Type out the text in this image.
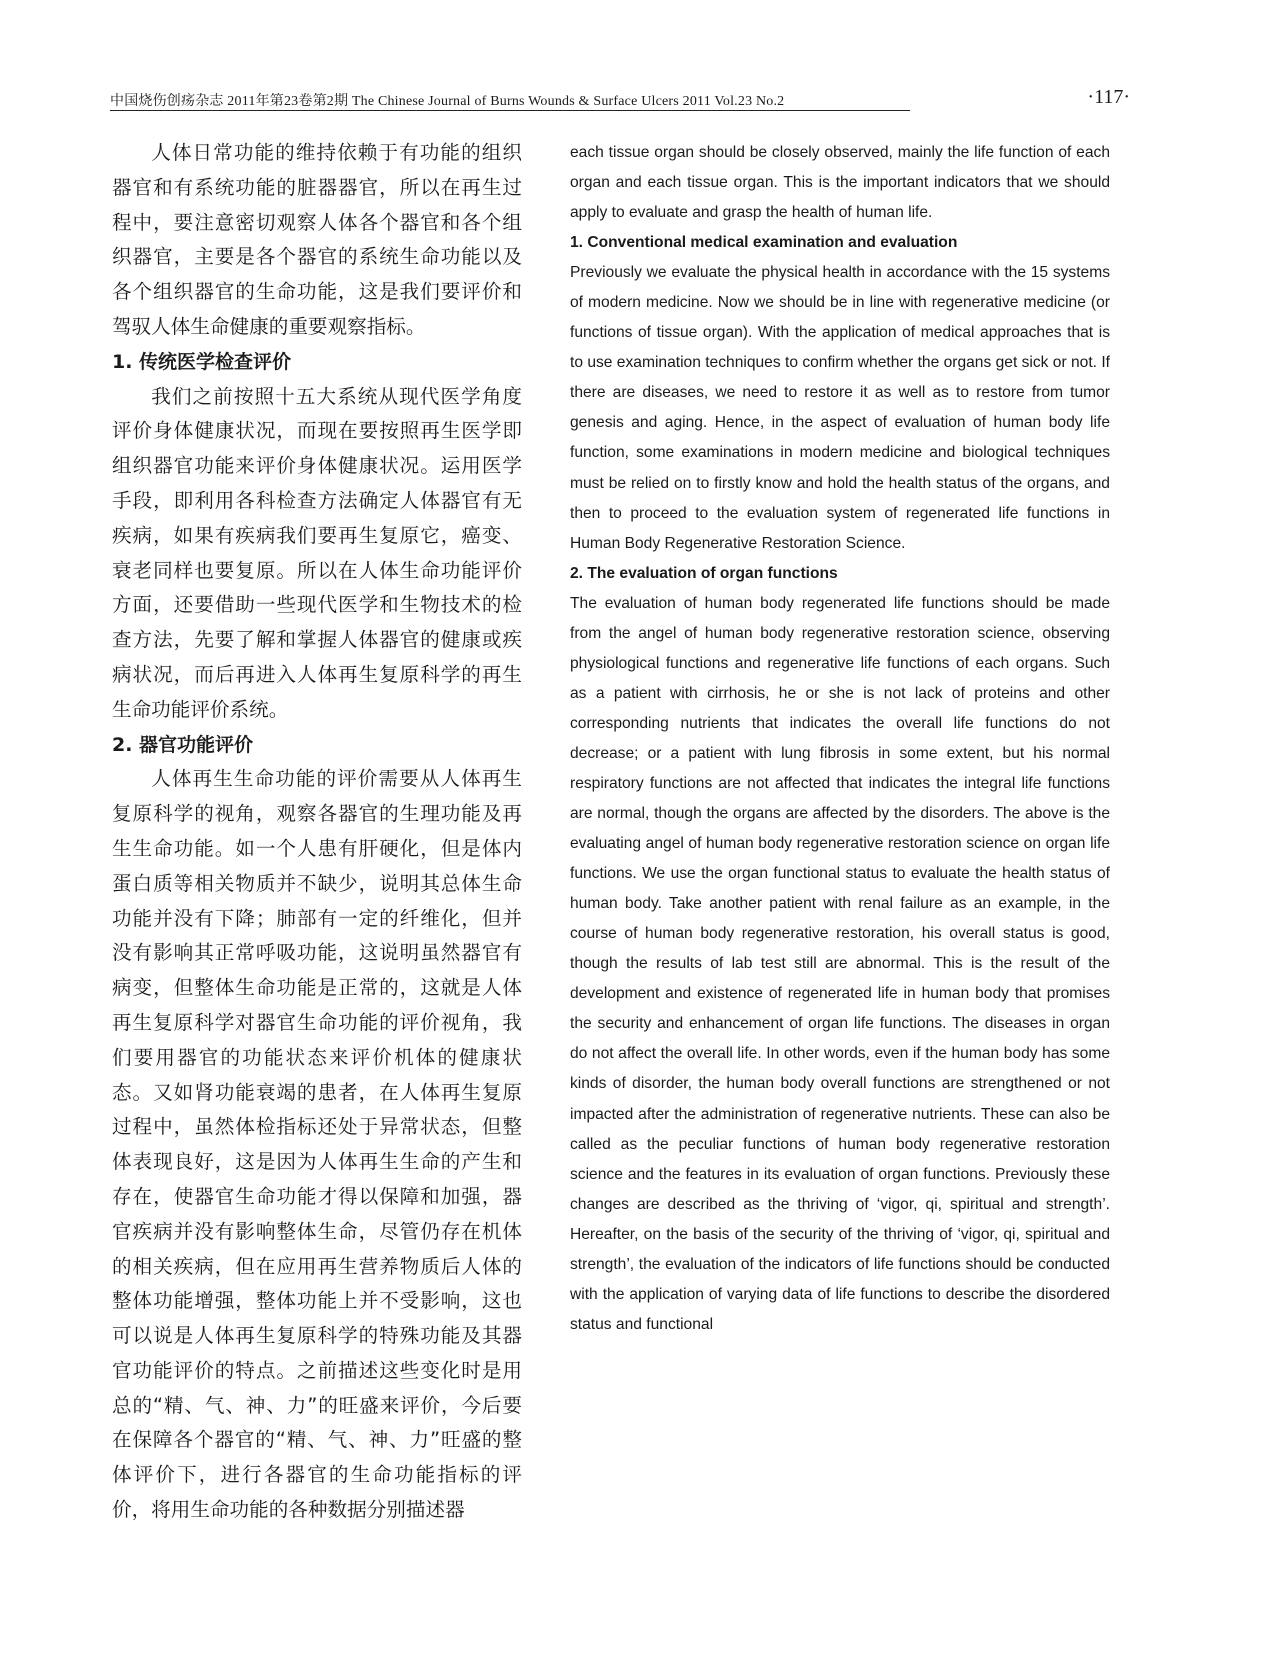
中国烧伤创疡杂志 2011年第23卷第2期 The Chinese Journal of Burns Wounds & Surface Ulcers 2011 Vol.23 No.2	·117·

人体日常功能的维持依赖于有功能的组织器官和有系统功能的脏器器官，所以在再生过程中，要注意密切观察人体各个器官和各个组织器官，主要是各个器官的系统生命功能以及各个组织器官的生命功能，这是我们要评价和驾驭人体生命健康的重要观察指标。

1. 传统医学检查评价

我们之前按照十五大系统从现代医学角度评价身体健康状况，而现在要按照再生医学即组织器官功能来评价身体健康状况。运用医学手段，即利用各科检查方法确定人体器官有无疾病，如果有疾病我们要再生复原它，癌变、衰老同样也要复原。所以在人体生命功能评价方面，还要借助一些现代医学和生物技术的检查方法，先要了解和掌握人体器官的健康或疾病状况，而后再进入人体再生复原科学的再生生命功能评价系统。

2. 器官功能评价

人体再生生命功能的评价需要从人体再生复原科学的视角，观察各器官的生理功能及再生生命功能。如一个人患有肝硬化，但是体内蛋白质等相关物质并不缺少，说明其总体生命功能并没有下降；肺部有一定的纤维化，但并没有影响其正常呼吸功能，这说明虽然器官有病变，但整体生命功能是正常的，这就是人体再生复原科学对器官生命功能的评价视角，我们要用器官的功能状态来评价机体的健康状态。又如肾功能衰竭的患者，在人体再生复原过程中，虽然体检指标还处于异常状态，但整体表现良好，这是因为人体再生生命的产生和存在，使器官生命功能才得以保障和加强，器官疾病并没有影响整体生命，尽管仍存在机体的相关疾病，但在应用再生营养物质后人体的整体功能增强，整体功能上并不受影响，这也可以说是人体再生复原科学的特殊功能及其器官功能评价的特点。之前描述这些变化时是用总的“精、气、神、力”的旺盛来评价，今后要在保障各个器官的“精、气、神、力”旺盛的整体评价下，进行各器官的生命功能指标的评价，将用生命功能的各种数据分别描述器

each tissue organ should be closely observed, mainly the life function of each organ and each tissue organ. This is the important indicators that we should apply to evaluate and grasp the health of human life.

1. Conventional medical examination and evaluation

Previously we evaluate the physical health in accordance with the 15 systems of modern medicine. Now we should be in line with regenerative medicine (or functions of tissue organ). With the application of medical approaches that is to use examination techniques to confirm whether the organs get sick or not. If there are diseases, we need to restore it as well as to restore from tumor genesis and aging. Hence, in the aspect of evaluation of human body life function, some examinations in modern medicine and biological techniques must be relied on to firstly know and hold the health status of the organs, and then to proceed to the evaluation system of regenerated life functions in Human Body Regenerative Restoration Science.

2. The evaluation of organ functions

The evaluation of human body regenerated life functions should be made from the angel of human body regenerative restoration science, observing physiological functions and regenerative life functions of each organs. Such as a patient with cirrhosis, he or she is not lack of proteins and other corresponding nutrients that indicates the overall life functions do not decrease; or a patient with lung fibrosis in some extent, but his normal respiratory functions are not affected that indicates the integral life functions are normal, though the organs are affected by the disorders. The above is the evaluating angel of human body regenerative restoration science on organ life functions. We use the organ functional status to evaluate the health status of human body. Take another patient with renal failure as an example, in the course of human body regenerative restoration, his overall status is good, though the results of lab test still are abnormal. This is the result of the development and existence of regenerated life in human body that promises the security and enhancement of organ life functions. The diseases in organ do not affect the overall life. In other words, even if the human body has some kinds of disorder, the human body overall functions are strengthened or not impacted after the administration of regenerative nutrients. These can also be called as the peculiar functions of human body regenerative restoration science and the features in its evaluation of organ functions. Previously these changes are described as the thriving of ‘vigor, qi, spiritual and strength’. Hereafter, on the basis of the security of the thriving of ‘vigor, qi, spiritual and strength’, the evaluation of the indicators of life functions should be conducted with the application of varying data of life functions to describe the disordered status and functional
